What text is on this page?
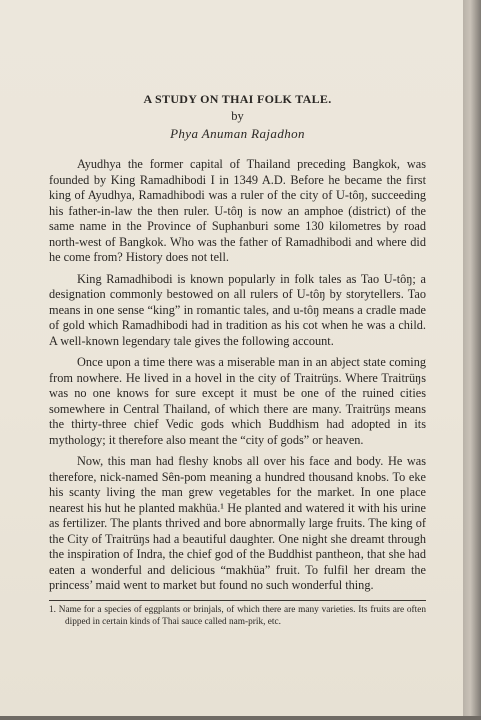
A STUDY ON THAI FOLK TALE.

by

Phya Anuman Rajadhon

Ayudhya the former capital of Thailand preceding Bangkok, was founded by King Ramadhibodi I in 1349 A.D. Before he became the first king of Ayudhya, Ramadhibodi was a ruler of the city of U-tôŋ, succeeding his father-in-law the then ruler. U-tôŋ is now an amphoe (district) of the same name in the Province of Suphanburi some 130 kilometres by road north-west of Bangkok. Who was the father of Ramadhibodi and where did he come from? History does not tell.

King Ramadhibodi is known popularly in folk tales as Tao U-tôŋ; a designation commonly bestowed on all rulers of U-tôŋ by storytellers. Tao means in one sense “king” in romantic tales, and u-tôŋ means a cradle made of gold which Ramadhibodi had in tradition as his cot when he was a child. A well-known legendary tale gives the following account.

Once upon a time there was a miserable man in an abject state coming from nowhere. He lived in a hovel in the city of Traitrüŋs. Where Traitrüŋs was no one knows for sure except it must be one of the ruined cities somewhere in Central Thailand, of which there are many. Traitrüŋs means the thirty-three chief Vedic gods which Buddhism had adopted in its mythology; it therefore also meant the “city of gods” or heaven.

Now, this man had fleshy knobs all over his face and body. He was therefore, nick-named Sên-pom meaning a hundred thousand knobs. To eke his scanty living the man grew vegetables for the market. In one place nearest his hut he planted makhüa.¹ He planted and watered it with his urine as fertilizer. The plants thrived and bore abnormally large fruits. The king of the City of Traitrüŋs had a beautiful daughter. One night she dreamt through the inspiration of Indra, the chief god of the Buddhist pantheon, that she had eaten a wonderful and delicious “makhüa” fruit. To fulfil her dream the princess’ maid went to market but found no such wonderful thing.

1. Name for a species of eggplants or brinjals, of which there are many varieties. Its fruits are often dipped in certain kinds of Thai sauce called nam-prik, etc.
